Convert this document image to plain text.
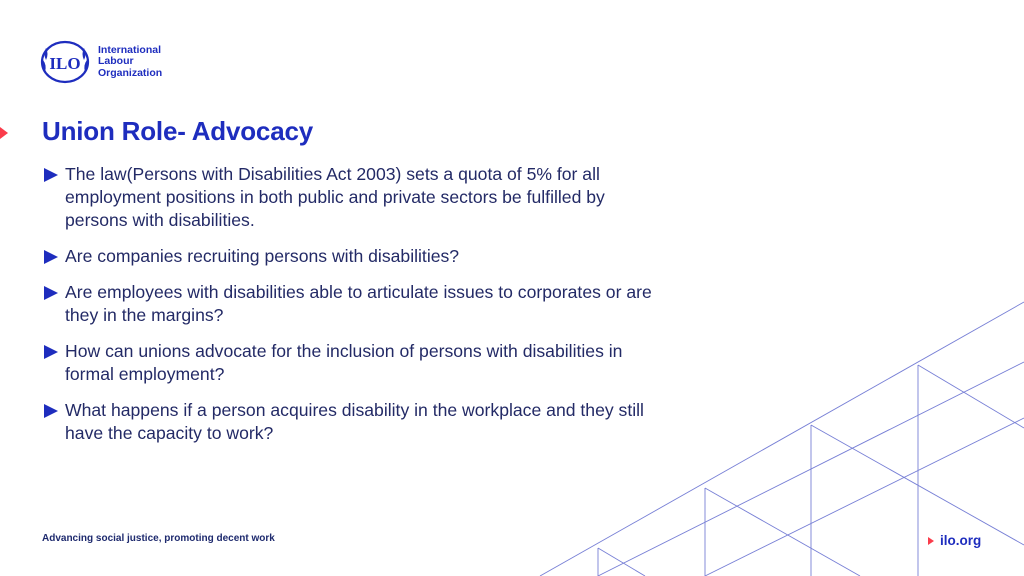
ILO
International
Labour
Organization
Union Role- Advocacy
The law(Persons with Disabilities Act 2003) sets a quota of 5% for all employment positions in both public and private sectors be fulfilled by persons with disabilities.
Are companies recruiting persons with disabilities?
Are employees with disabilities able to articulate issues to corporates or are they in the margins?
How can unions advocate for the inclusion of persons with disabilities in formal employment?
What happens if a person acquires disability in the workplace and they still have the capacity to work?
Advancing social justice, promoting decent work	ilo.org
